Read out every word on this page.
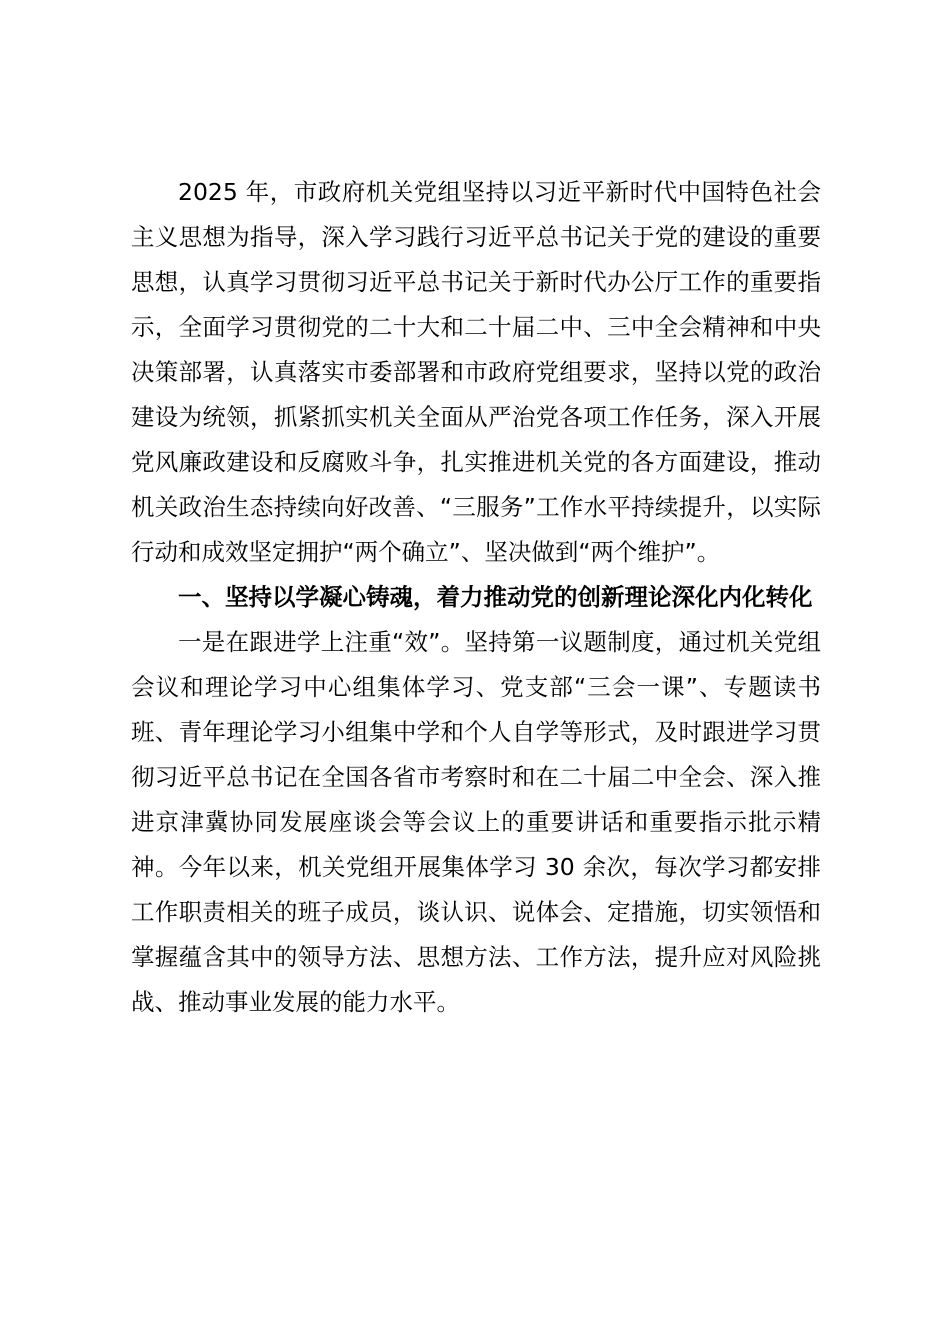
2025 年，市政府机关党组坚持以习近平新时代中国特色社会主义思想为指导，深入学习践行习近平总书记关于党的建设的重要思想，认真学习贯彻习近平总书记关于新时代办公厅工作的重要指示，全面学习贯彻党的二十大和二十届二中、三中全会精神和中央决策部署，认真落实市委部署和市政府党组要求，坚持以党的政治建设为统领，抓紧抓实机关全面从严治党各项工作任务，深入开展党风廉政建设和反腐败斗争，扎实推进机关党的各方面建设，推动机关政治生态持续向好改善、“三服务”工作水平持续提升，以实际行动和成效坚定拥护“两个确立”、坚决做到“两个维护”。

一、坚持以学凝心铸魂，着力推动党的创新理论深化内化转化

一是在跟进学上注重“效”。坚持第一议题制度，通过机关党组会议和理论学习中心组集体学习、党支部“三会一课”、专题读书班、青年理论学习小组集中学和个人自学等形式，及时跟进学习贯彻习近平总书记在全国各省市考察时和在二十届二中全会、深入推进京津冀协同发展座谈会等会议上的重要讲话和重要指示批示精神。今年以来，机关党组开展集体学习 30 余次，每次学习都安排工作职责相关的班子成员，谈认识、说体会、定措施，切实领悟和掌握蕴含其中的领导方法、思想方法、工作方法，提升应对风险挑战、推动事业发展的能力水平。
